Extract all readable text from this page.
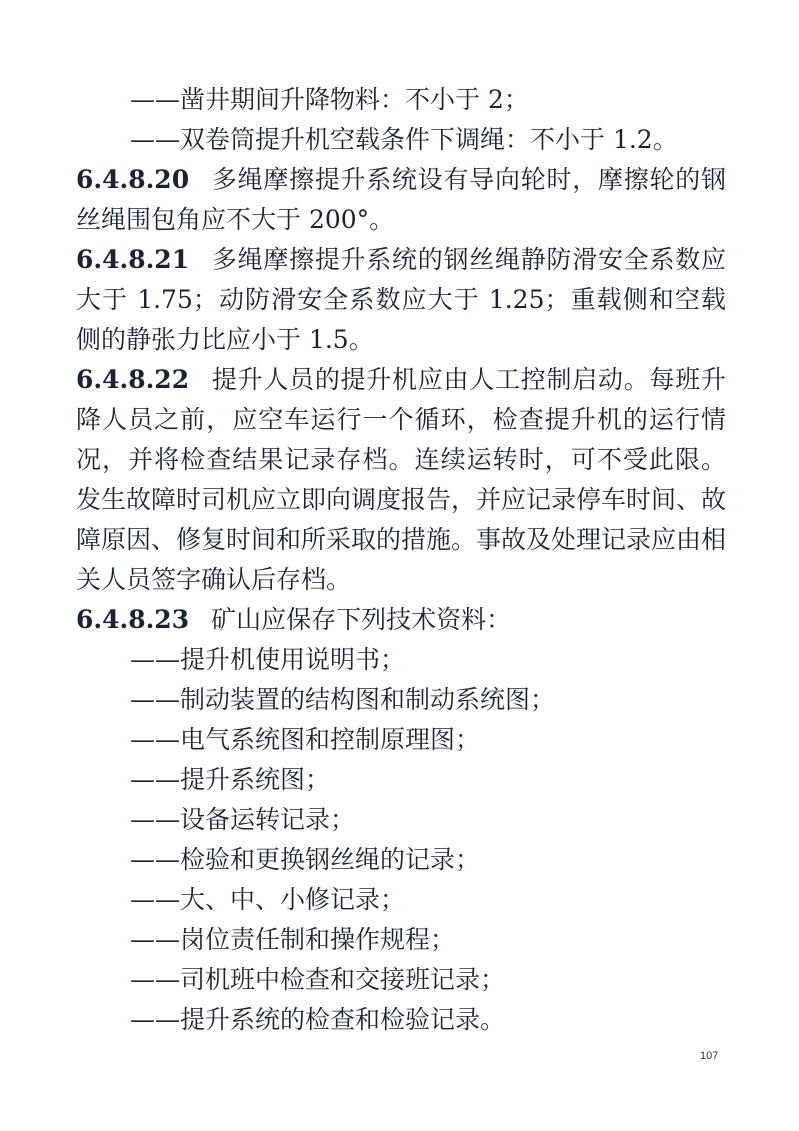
——凿井期间升降物料：不小于 2；

——双卷筒提升机空载条件下调绳：不小于 1.2。

6.4.8.20 多绳摩擦提升系统设有导向轮时，摩擦轮的钢丝绳围包角应不大于 200°。

6.4.8.21 多绳摩擦提升系统的钢丝绳静防滑安全系数应大于 1.75；动防滑安全系数应大于 1.25；重载侧和空载侧的静张力比应小于 1.5。

6.4.8.22 提升人员的提升机应由人工控制启动。每班升降人员之前，应空车运行一个循环，检查提升机的运行情况，并将检查结果记录存档。连续运转时，可不受此限。 发生故障时司机应立即向调度报告，并应记录停车时间、故障原因、修复时间和所采取的措施。事故及处理记录应由相关人员签字确认后存档。

6.4.8.23 矿山应保存下列技术资料：

——提升机使用说明书；

——制动装置的结构图和制动系统图；

——电气系统图和控制原理图；

——提升系统图；

——设备运转记录；

——检验和更换钢丝绳的记录；

——大、中、小修记录；

——岗位责任制和操作规程；

——司机班中检查和交接班记录；

——提升系统的检查和检验记录。

107
